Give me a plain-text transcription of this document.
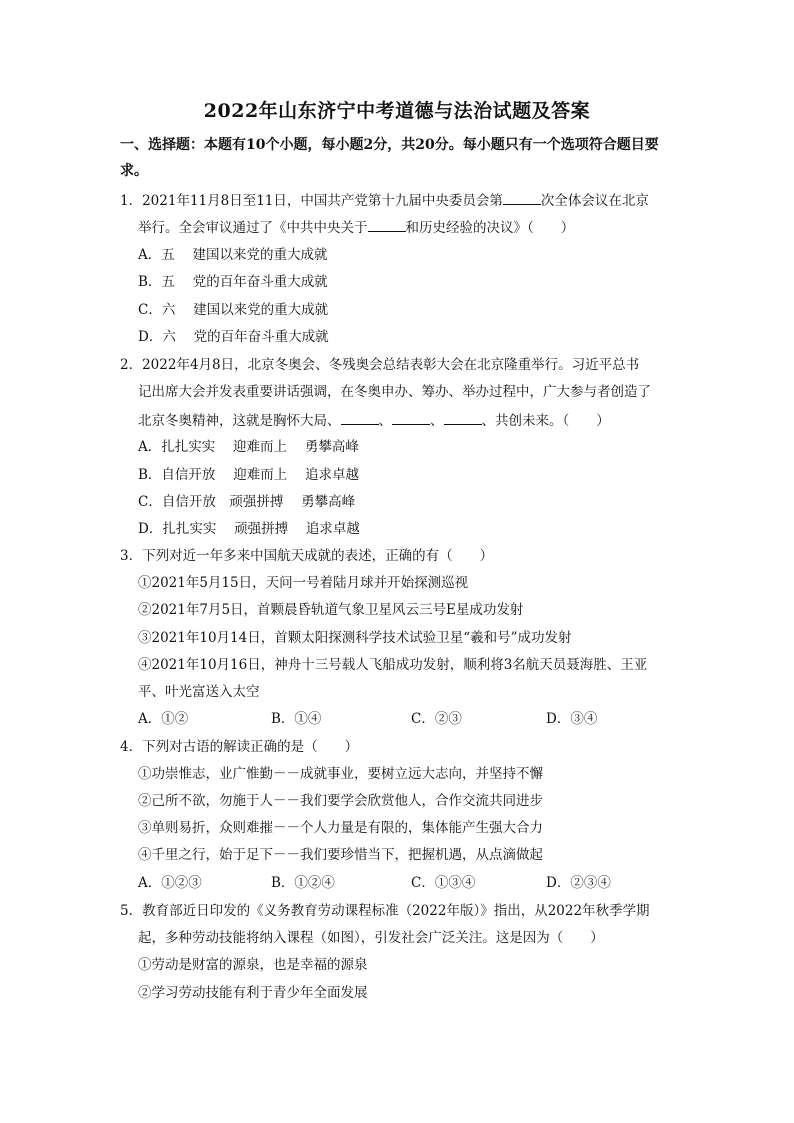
2022年山东济宁中考道德与法治试题及答案
一、选择题：本题有10个小题，每小题2分，共20分。每小题只有一个选项符合题目要求。
1．2021年11月8日至11日，中国共产党第十九届中央委员会第	次全体会议在北京
举行。全会审议通过了《中共中央关于	和历史经验的决议》（　　）
A．五　 建国以来党的重大成就
B．五　 党的百年奋斗重大成就
C．六　 建国以来党的重大成就
D．六　 党的百年奋斗重大成就
2．2022年4月8日，北京冬奥会、冬残奥会总结表彰大会在北京隆重举行。习近平总书
记出席大会并发表重要讲话强调，在冬奥申办、筹办、举办过程中，广大参与者创造了
北京冬奥精神，这就是胸怀大局、	、	、	、共创未来。（　　）
A．扎扎实实　 迎难而上　 勇攀高峰
B．自信开放　 迎难而上　 追求卓越
C．自信开放　顽强拼搏　 勇攀高峰
D．扎扎实实　 顽强拼搏　 追求卓越
3．下列对近一年多来中国航天成就的表述，正确的有（　　）
①2021年5月15日，天问一号着陆月球并开始探测巡视
②2021年7月5日，首颗晨昏轨道气象卫星风云三号E星成功发射
③2021年10月14日，首颗太阳探测科学技术试验卫星“羲和号”成功发射
④2021年10月16日，神舟十三号载人飞船成功发射，顺利将3名航天员聂海胜、王亚
平、叶光富送入太空
A．①②	B．①④	C．②③	D．③④
4．下列对古语的解读正确的是（　　）
①功崇惟志，业广惟勤－－成就事业，要树立远大志向，并坚持不懈
②己所不欲，勿施于人－－我们要学会欣赏他人，合作交流共同进步
③单则易折，众则难摧－－个人力量是有限的，集体能产生强大合力
④千里之行，始于足下－－我们要珍惜当下，把握机遇，从点滴做起
A．①②③	B．①②④	C．①③④	D．②③④
5．教育部近日印发的《义务教育劳动课程标准（2022年版）》指出，从2022年秋季学期
起，多种劳动技能将纳入课程（如图），引发社会广泛关注。这是因为（　　）
①劳动是财富的源泉，也是幸福的源泉
②学习劳动技能有利于青少年全面发展
